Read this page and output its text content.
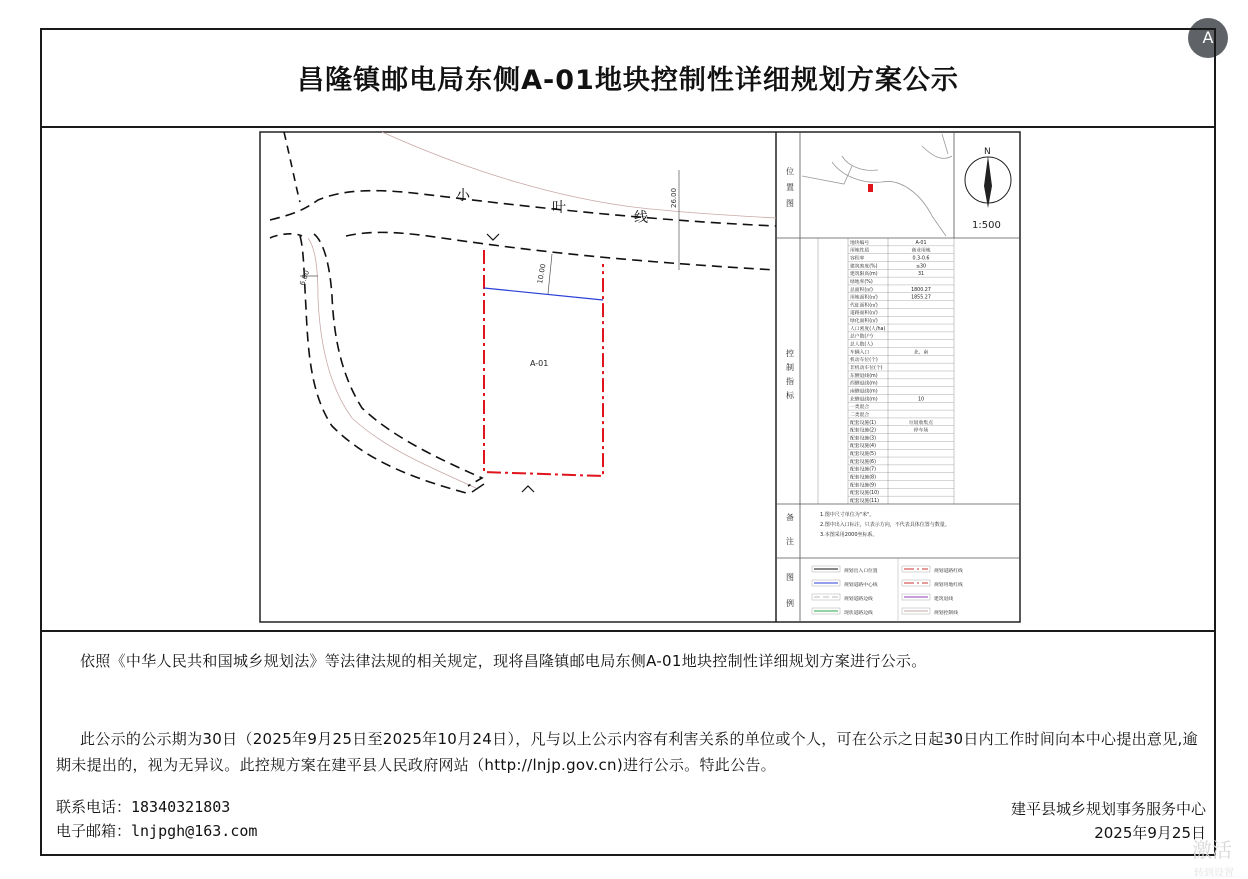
A
昌隆镇邮电局东侧A-01地块控制性详细规划方案公示
小
叶
线
26.00
6.00	10.00
A-01
地块编号	A-01
用地性质	商业用地
容积率	0.3-0.6
建筑密度(%)	≤30
建筑限高(m)	31
绿地率(%)
总面积(㎡)	1800.27
用地面积(㎡)	1855.27
代征面积(㎡)
道路面积(㎡)
绿化面积(㎡)
人口密度(人/ha)
总户数(户)
总人数(人)
车辆入口	北、南
机动车位(个)
非机动车位(个)
东侧退线(m)
西侧退线(m)
南侧退线(m)
北侧退线(m)	10
一类混合
二类混合
配套设施(1)	垃圾收集点
配套设施(2)	停车场
配套设施(3)
配套设施(4)
配套设施(5)
配套设施(6)
配套设施(7)
配套设施(8)
配套设施(9)
配套设施(10)
配套设施(11)
位
置
图
N
1:500
控
制
指
标
备
注
图
例
1.图中尺寸单位为"米"。
2.图中出入口标注，只表示方向，不代表具体位置与数量。
3.本图采用2000坐标系。
规划出入口位置	规划道路红线
规划道路中心线	规划用地红线
规划道路边线	建筑退线
现状道路边线	规划控制线
依照《中华人民共和国城乡规划法》等法律法规的相关规定，现将昌隆镇邮电局东侧A-01地块控制性详细规划方案进行公示。
此公示的公示期为30日（2025年9月25日至2025年10月24日），凡与以上公示内容有利害关系的单位或个人，可在公示之日起30日内工作时间向本中心提出意见,逾期未提出的，视为无异议。此控规方案在建平县人民政府网站（http://lnjp.gov.cn)进行公示。特此公告。
联系电话：18340321803
电子邮箱：lnjpgh@163.com
建平县城乡规划事务服务中心
2025年9月25日
激活
转到设置
